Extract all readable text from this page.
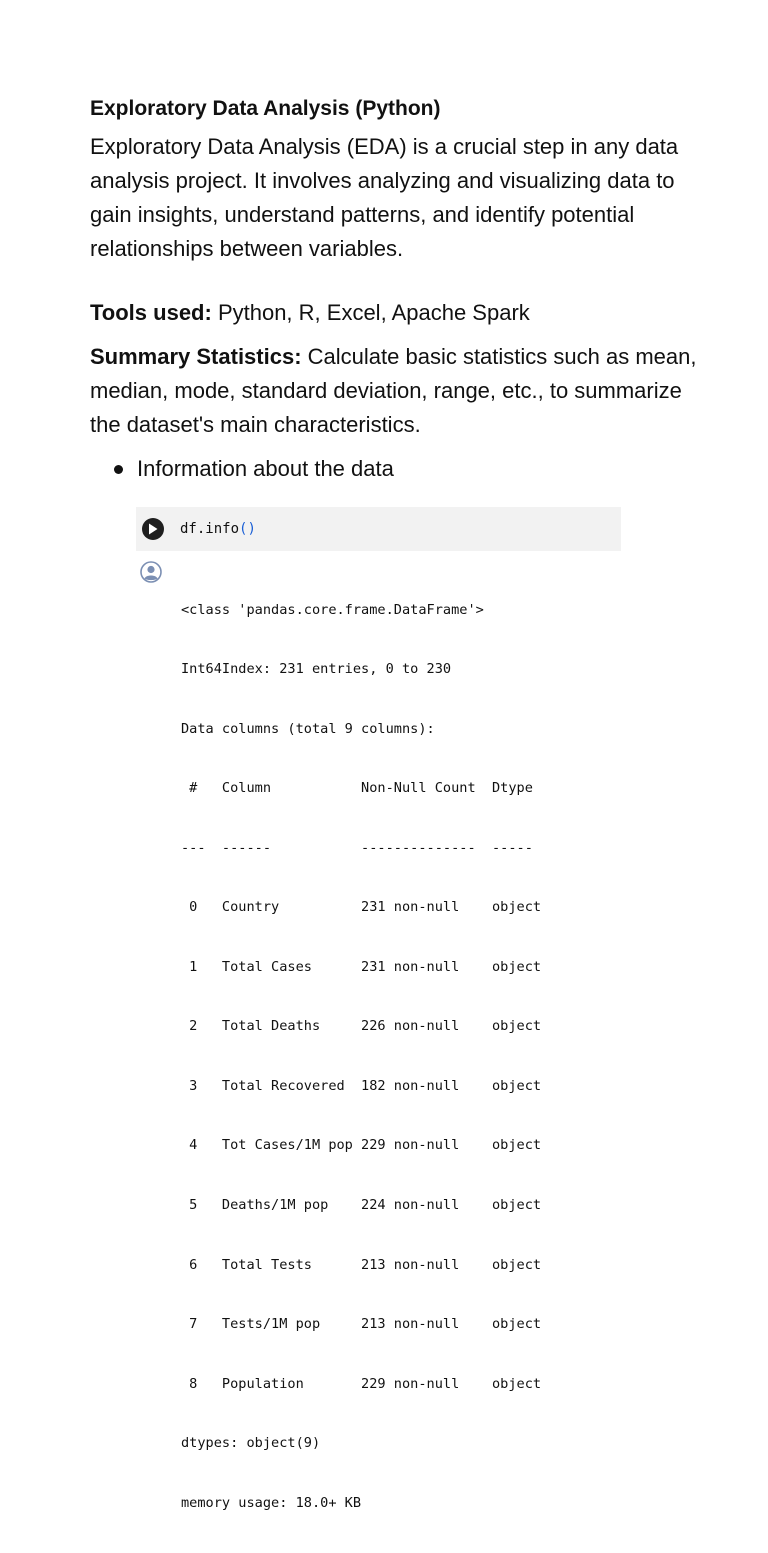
Exploratory Data Analysis (Python)

Exploratory Data Analysis (EDA) is a crucial step in any data analysis project. It involves analyzing and visualizing data to gain insights, understand patterns, and identify potential relationships between variables.

Tools used: Python, R, Excel, Apache Spark

Summary Statistics: Calculate basic statistics such as mean, median, mode, standard deviation, range, etc., to summarize the dataset's main characteristics.

Information about the data
df.info()

<class 'pandas.core.frame.DataFrame'>

Int64Index: 231 entries, 0 to 230

Data columns (total 9 columns):

#   Column           Non-Null Count  Dtype

---  ------           --------------  -----

0   Country          231 non-null    object

1   Total Cases      231 non-null    object

2   Total Deaths     226 non-null    object

3   Total Recovered  182 non-null    object

4   Tot Cases/1M pop 229 non-null    object

5   Deaths/1M pop    224 non-null    object

6   Total Tests      213 non-null    object

7   Tests/1M pop     213 non-null    object

8   Population       229 non-null    object

dtypes: object(9)

memory usage: 18.0+ KB
